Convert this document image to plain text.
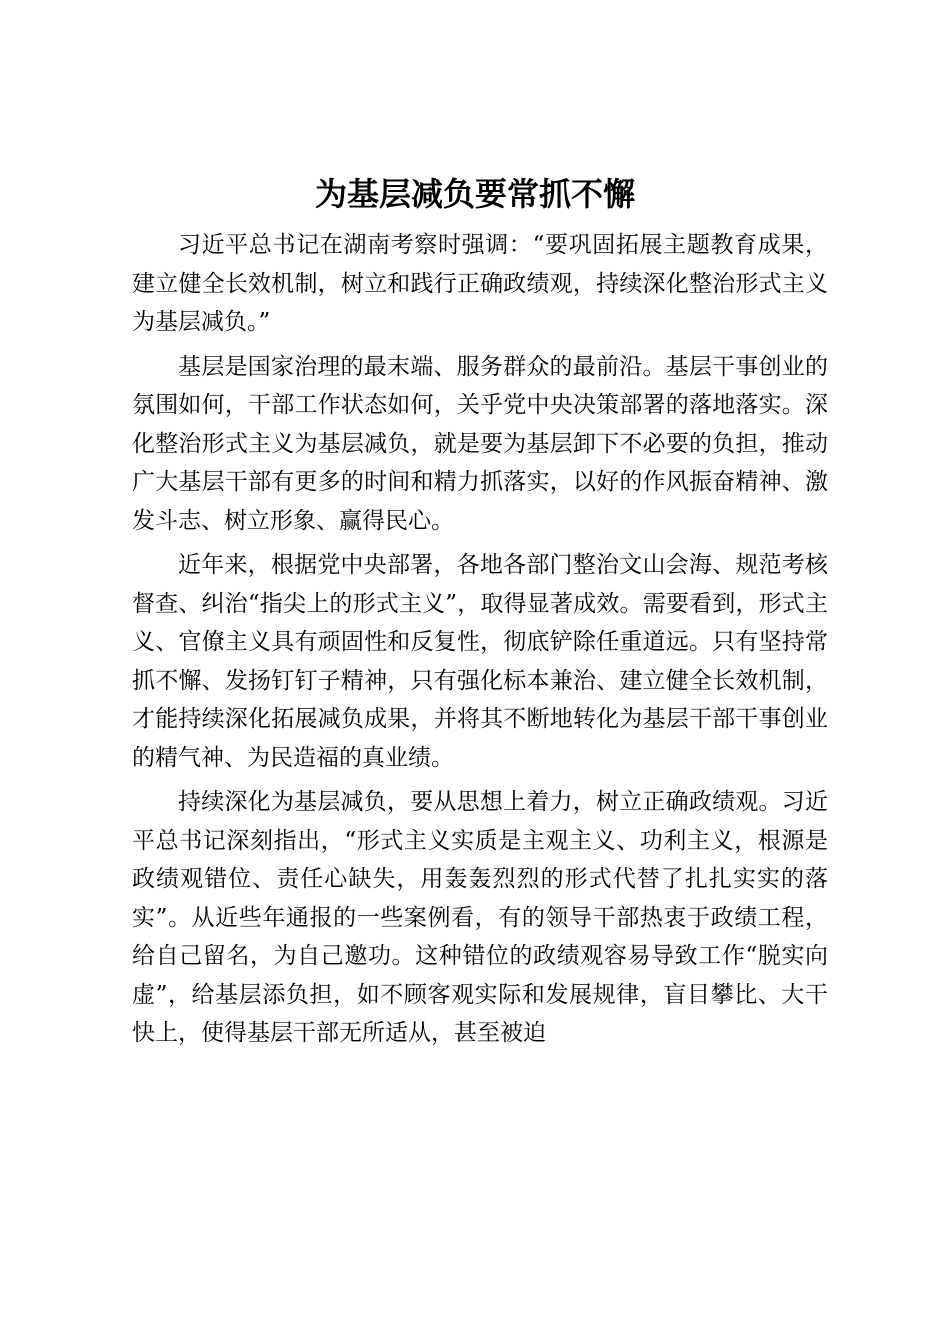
为基层减负要常抓不懈

习近平总书记在湖南考察时强调：“要巩固拓展主题教育成果，建立健全长效机制，树立和践行正确政绩观，持续深化整治形式主义为基层减负。”

基层是国家治理的最末端、服务群众的最前沿。基层干事创业的氛围如何，干部工作状态如何，关乎党中央决策部署的落地落实。深化整治形式主义为基层减负，就是要为基层卸下不必要的负担，推动广大基层干部有更多的时间和精力抓落实，以好的作风振奋精神、激发斗志、树立形象、赢得民心。

近年来，根据党中央部署，各地各部门整治文山会海、规范考核督查、纠治“指尖上的形式主义”，取得显著成效。需要看到，形式主义、官僚主义具有顽固性和反复性，彻底铲除任重道远。只有坚持常抓不懈、发扬钉钉子精神，只有强化标本兼治、建立健全长效机制，才能持续深化拓展减负成果，并将其不断地转化为基层干部干事创业的精气神、为民造福的真业绩。

持续深化为基层减负，要从思想上着力，树立正确政绩观。习近平总书记深刻指出，“形式主义实质是主观主义、功利主义，根源是政绩观错位、责任心缺失，用轰轰烈烈的形式代替了扎扎实实的落实”。从近些年通报的一些案例看，有的领导干部热衷于政绩工程，给自己留名，为自己邀功。这种错位的政绩观容易导致工作“脱实向虚”，给基层添负担，如不顾客观实际和发展规律，盲目攀比、大干快上，使得基层干部无所适从，甚至被迫
